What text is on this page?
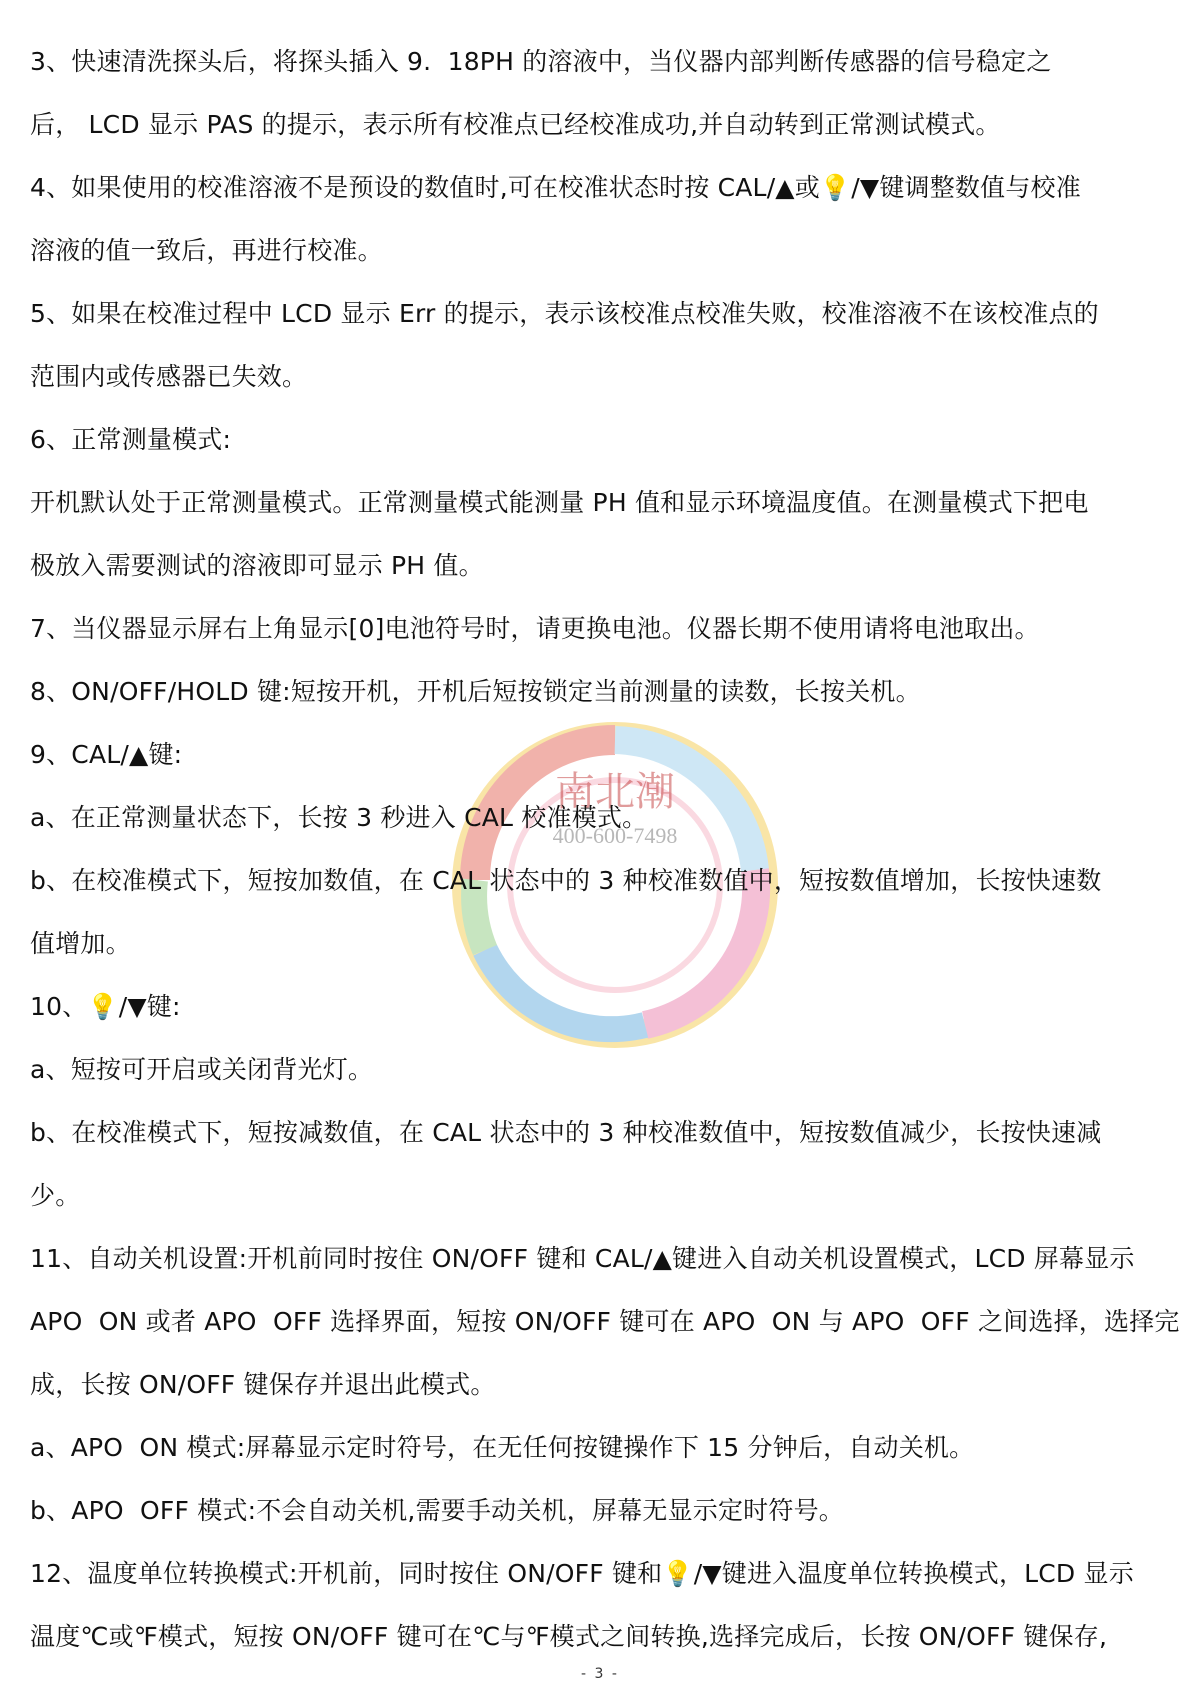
南北潮
400-600-7498
3、快速清洗探头后，将探头插入 9.  18PH 的溶液中，当仪器内部判断传感器的信号稳定之
后， LCD 显示 PAS 的提示，表示所有校准点已经校准成功,并自动转到正常测试模式。
4、如果使用的校准溶液不是预设的数值时,可在校准状态时按 CAL/▲或💡/▼键调整数值与校准
溶液的值一致后，再进行校准。
5、如果在校准过程中 LCD 显示 Err 的提示，表示该校准点校准失败，校准溶液不在该校准点的
范围内或传感器已失效。
6、正常测量模式:
开机默认处于正常测量模式。正常测量模式能测量 PH 值和显示环境温度值。在测量模式下把电
极放入需要测试的溶液即可显示 PH 值。
7、当仪器显示屏右上角显示[0]电池符号时，请更换电池。仪器长期不使用请将电池取出。
8、ON/OFF/HOLD 键:短按开机，开机后短按锁定当前测量的读数，长按关机。
9、CAL/▲键:
a、在正常测量状态下，长按 3 秒进入 CAL 校准模式。
b、在校准模式下，短按加数值，在 CAL 状态中的 3 种校准数值中，短按数值增加，长按快速数
值增加。
10、💡/▼键:
a、短按可开启或关闭背光灯。
b、在校准模式下，短按减数值，在 CAL 状态中的 3 种校准数值中，短按数值减少，长按快速减
少。
11、自动关机设置:开机前同时按住 ON/OFF 键和 CAL/▲键进入自动关机设置模式，LCD 屏幕显示
APO  ON 或者 APO  OFF 选择界面，短按 ON/OFF 键可在 APO  ON 与 APO  OFF 之间选择，选择完
成，长按 ON/OFF 键保存并退出此模式。
a、APO  ON 模式:屏幕显示定时符号，在无任何按键操作下 15 分钟后，自动关机。
b、APO  OFF 模式:不会自动关机,需要手动关机，屏幕无显示定时符号。
12、温度单位转换模式:开机前，同时按住 ON/OFF 键和💡/▼键进入温度单位转换模式，LCD 显示
温度℃或℉模式，短按 ON/OFF 键可在℃与℉模式之间转换,选择完成后，长按 ON/OFF 键保存,
- 3 -
